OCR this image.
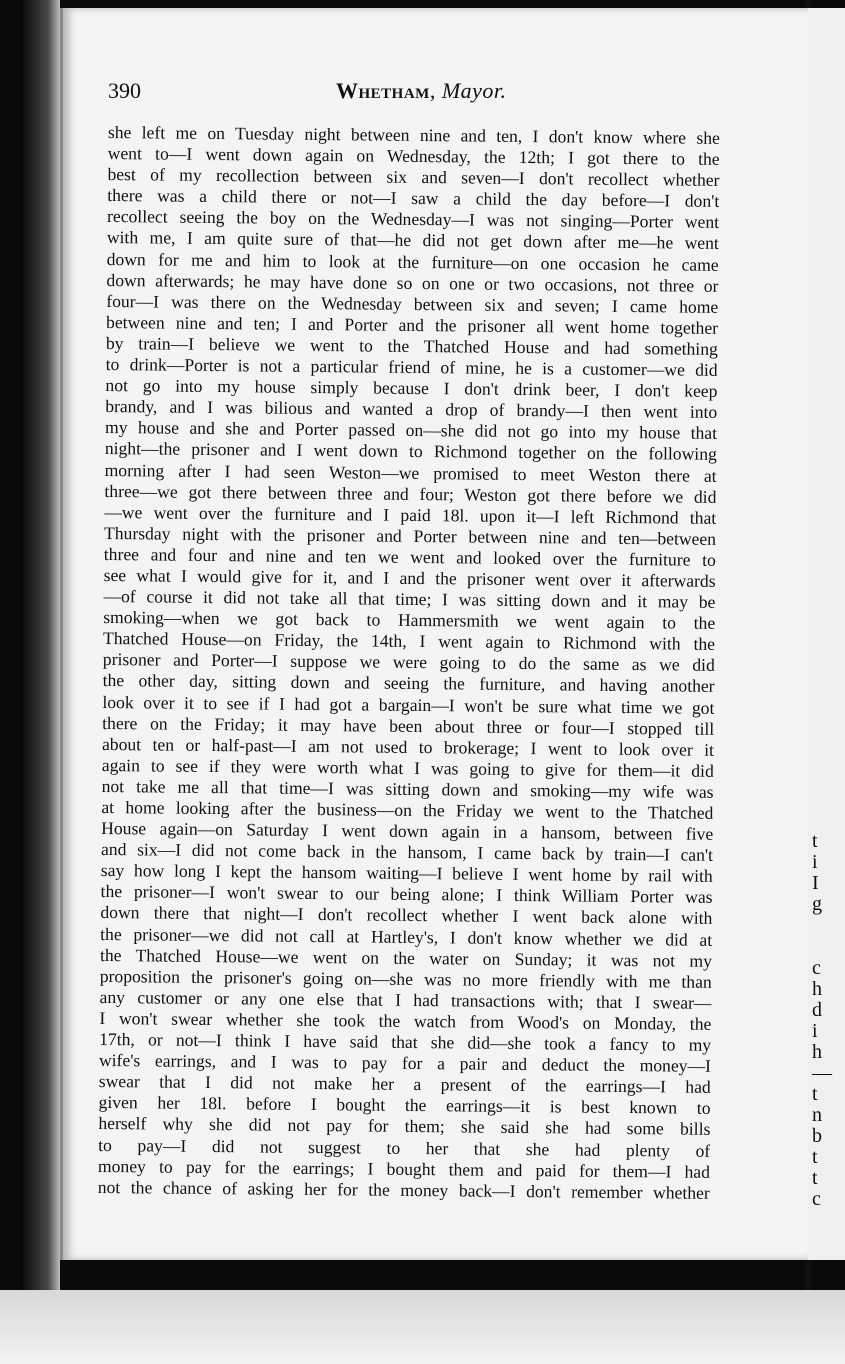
t
i
I
g
c
h
d
i
h
—
t
n
b
t
t
c
390	Whetham, Mayor.
she left me on Tuesday night between nine and ten, I don't know where she
went to—I went down again on Wednesday, the 12th; I got there to the
best of my recollection between six and seven—I don't recollect whether
there was a child there or not—I saw a child the day before—I don't
recollect seeing the boy on the Wednesday—I was not singing—Porter went
with me, I am quite sure of that—he did not get down after me—he went
down for me and him to look at the furniture—on one occasion he came
down afterwards; he may have done so on one or two occasions, not three or
four—I was there on the Wednesday between six and seven; I came home
between nine and ten; I and Porter and the prisoner all went home together
by train—I believe we went to the Thatched House and had something
to drink—Porter is not a particular friend of mine, he is a customer—we did
not go into my house simply because I don't drink beer, I don't keep
brandy, and I was bilious and wanted a drop of brandy—I then went into
my house and she and Porter passed on—she did not go into my house that
night—the prisoner and I went down to Richmond together on the following
morning after I had seen Weston—we promised to meet Weston there at
three—we got there between three and four; Weston got there before we did
—we went over the furniture and I paid 18l. upon it—I left Richmond that
Thursday night with the prisoner and Porter between nine and ten—between
three and four and nine and ten we went and looked over the furniture to
see what I would give for it, and I and the prisoner went over it afterwards
—of course it did not take all that time; I was sitting down and it may be
smoking—when we got back to Hammersmith we went again to the
Thatched House—on Friday, the 14th, I went again to Richmond with the
prisoner and Porter—I suppose we were going to do the same as we did
the other day, sitting down and seeing the furniture, and having another
look over it to see if I had got a bargain—I won't be sure what time we got
there on the Friday; it may have been about three or four—I stopped till
about ten or half-past—I am not used to brokerage; I went to look over it
again to see if they were worth what I was going to give for them—it did
not take me all that time—I was sitting down and smoking—my wife was
at home looking after the business—on the Friday we went to the Thatched
House again—on Saturday I went down again in a hansom, between five
and six—I did not come back in the hansom, I came back by train—I can't
say how long I kept the hansom waiting—I believe I went home by rail with
the prisoner—I won't swear to our being alone; I think William Porter was
down there that night—I don't recollect whether I went back alone with
the prisoner—we did not call at Hartley's, I don't know whether we did at
the Thatched House—we went on the water on Sunday; it was not my
proposition the prisoner's going on—she was no more friendly with me than
any customer or any one else that I had transactions with; that I swear—
I won't swear whether she took the watch from Wood's on Monday, the
17th, or not—I think I have said that she did—she took a fancy to my
wife's earrings, and I was to pay for a pair and deduct the money—I
swear that I did not make her a present of the earrings—I had
given her 18l. before I bought the earrings—it is best known to
herself why she did not pay for them; she said she had some bills
to pay—I did not suggest to her that she had plenty of
money to pay for the earrings; I bought them and paid for them—I had
not the chance of asking her for the money back—I don't remember whether
